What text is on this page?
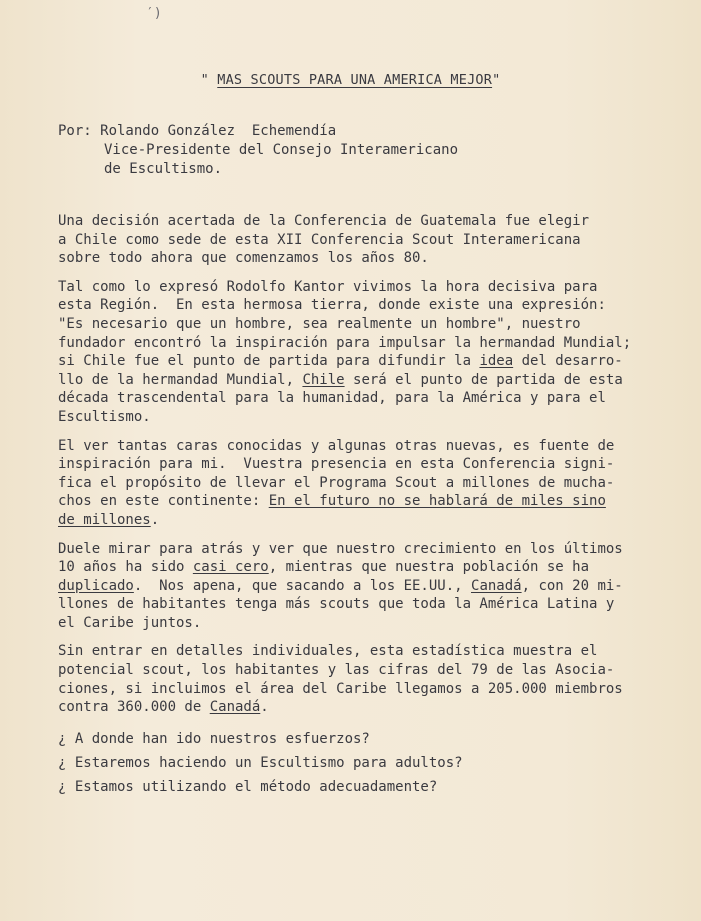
′)
" MAS SCOUTS PARA UNA AMERICA MEJOR"
Por: Rolando González  Echemendía
Vice-Presidente del Consejo Interamericano
de Escultismo.
Una decisión acertada de la Conferencia de Guatemala fue elegir
a Chile como sede de esta XII Conferencia Scout Interamericana
sobre todo ahora que comenzamos los años 80.
Tal como lo expresó Rodolfo Kantor vivimos la hora decisiva para
esta Región.  En esta hermosa tierra, donde existe una expresión:
"Es necesario que un hombre, sea realmente un hombre", nuestro
fundador encontró la inspiración para impulsar la hermandad Mundial;
si Chile fue el punto de partida para difundir la idea del desarro-
llo de la hermandad Mundial, Chile será el punto de partida de esta
década trascendental para la humanidad, para la América y para el
Escultismo.
El ver tantas caras conocidas y algunas otras nuevas, es fuente de
inspiración para mi.  Vuestra presencia en esta Conferencia signi-
fica el propósito de llevar el Programa Scout a millones de mucha-
chos en este continente: En el futuro no se hablará de miles sino
de millones.
Duele mirar para atrás y ver que nuestro crecimiento en los últimos
10 años ha sido casi cero, mientras que nuestra población se ha
duplicado.  Nos apena, que sacando a los EE.UU., Canadá, con 20 mi-
llones de habitantes tenga más scouts que toda la América Latina y
el Caribe juntos.
Sin entrar en detalles individuales, esta estadística muestra el
potencial scout, los habitantes y las cifras del 79 de las Asocia-
ciones, si incluimos el área del Caribe llegamos a 205.000 miembros
contra 360.000 de Canadá.
¿ A donde han ido nuestros esfuerzos?
¿ Estaremos haciendo un Escultismo para adultos?
¿ Estamos utilizando el método adecuadamente?
